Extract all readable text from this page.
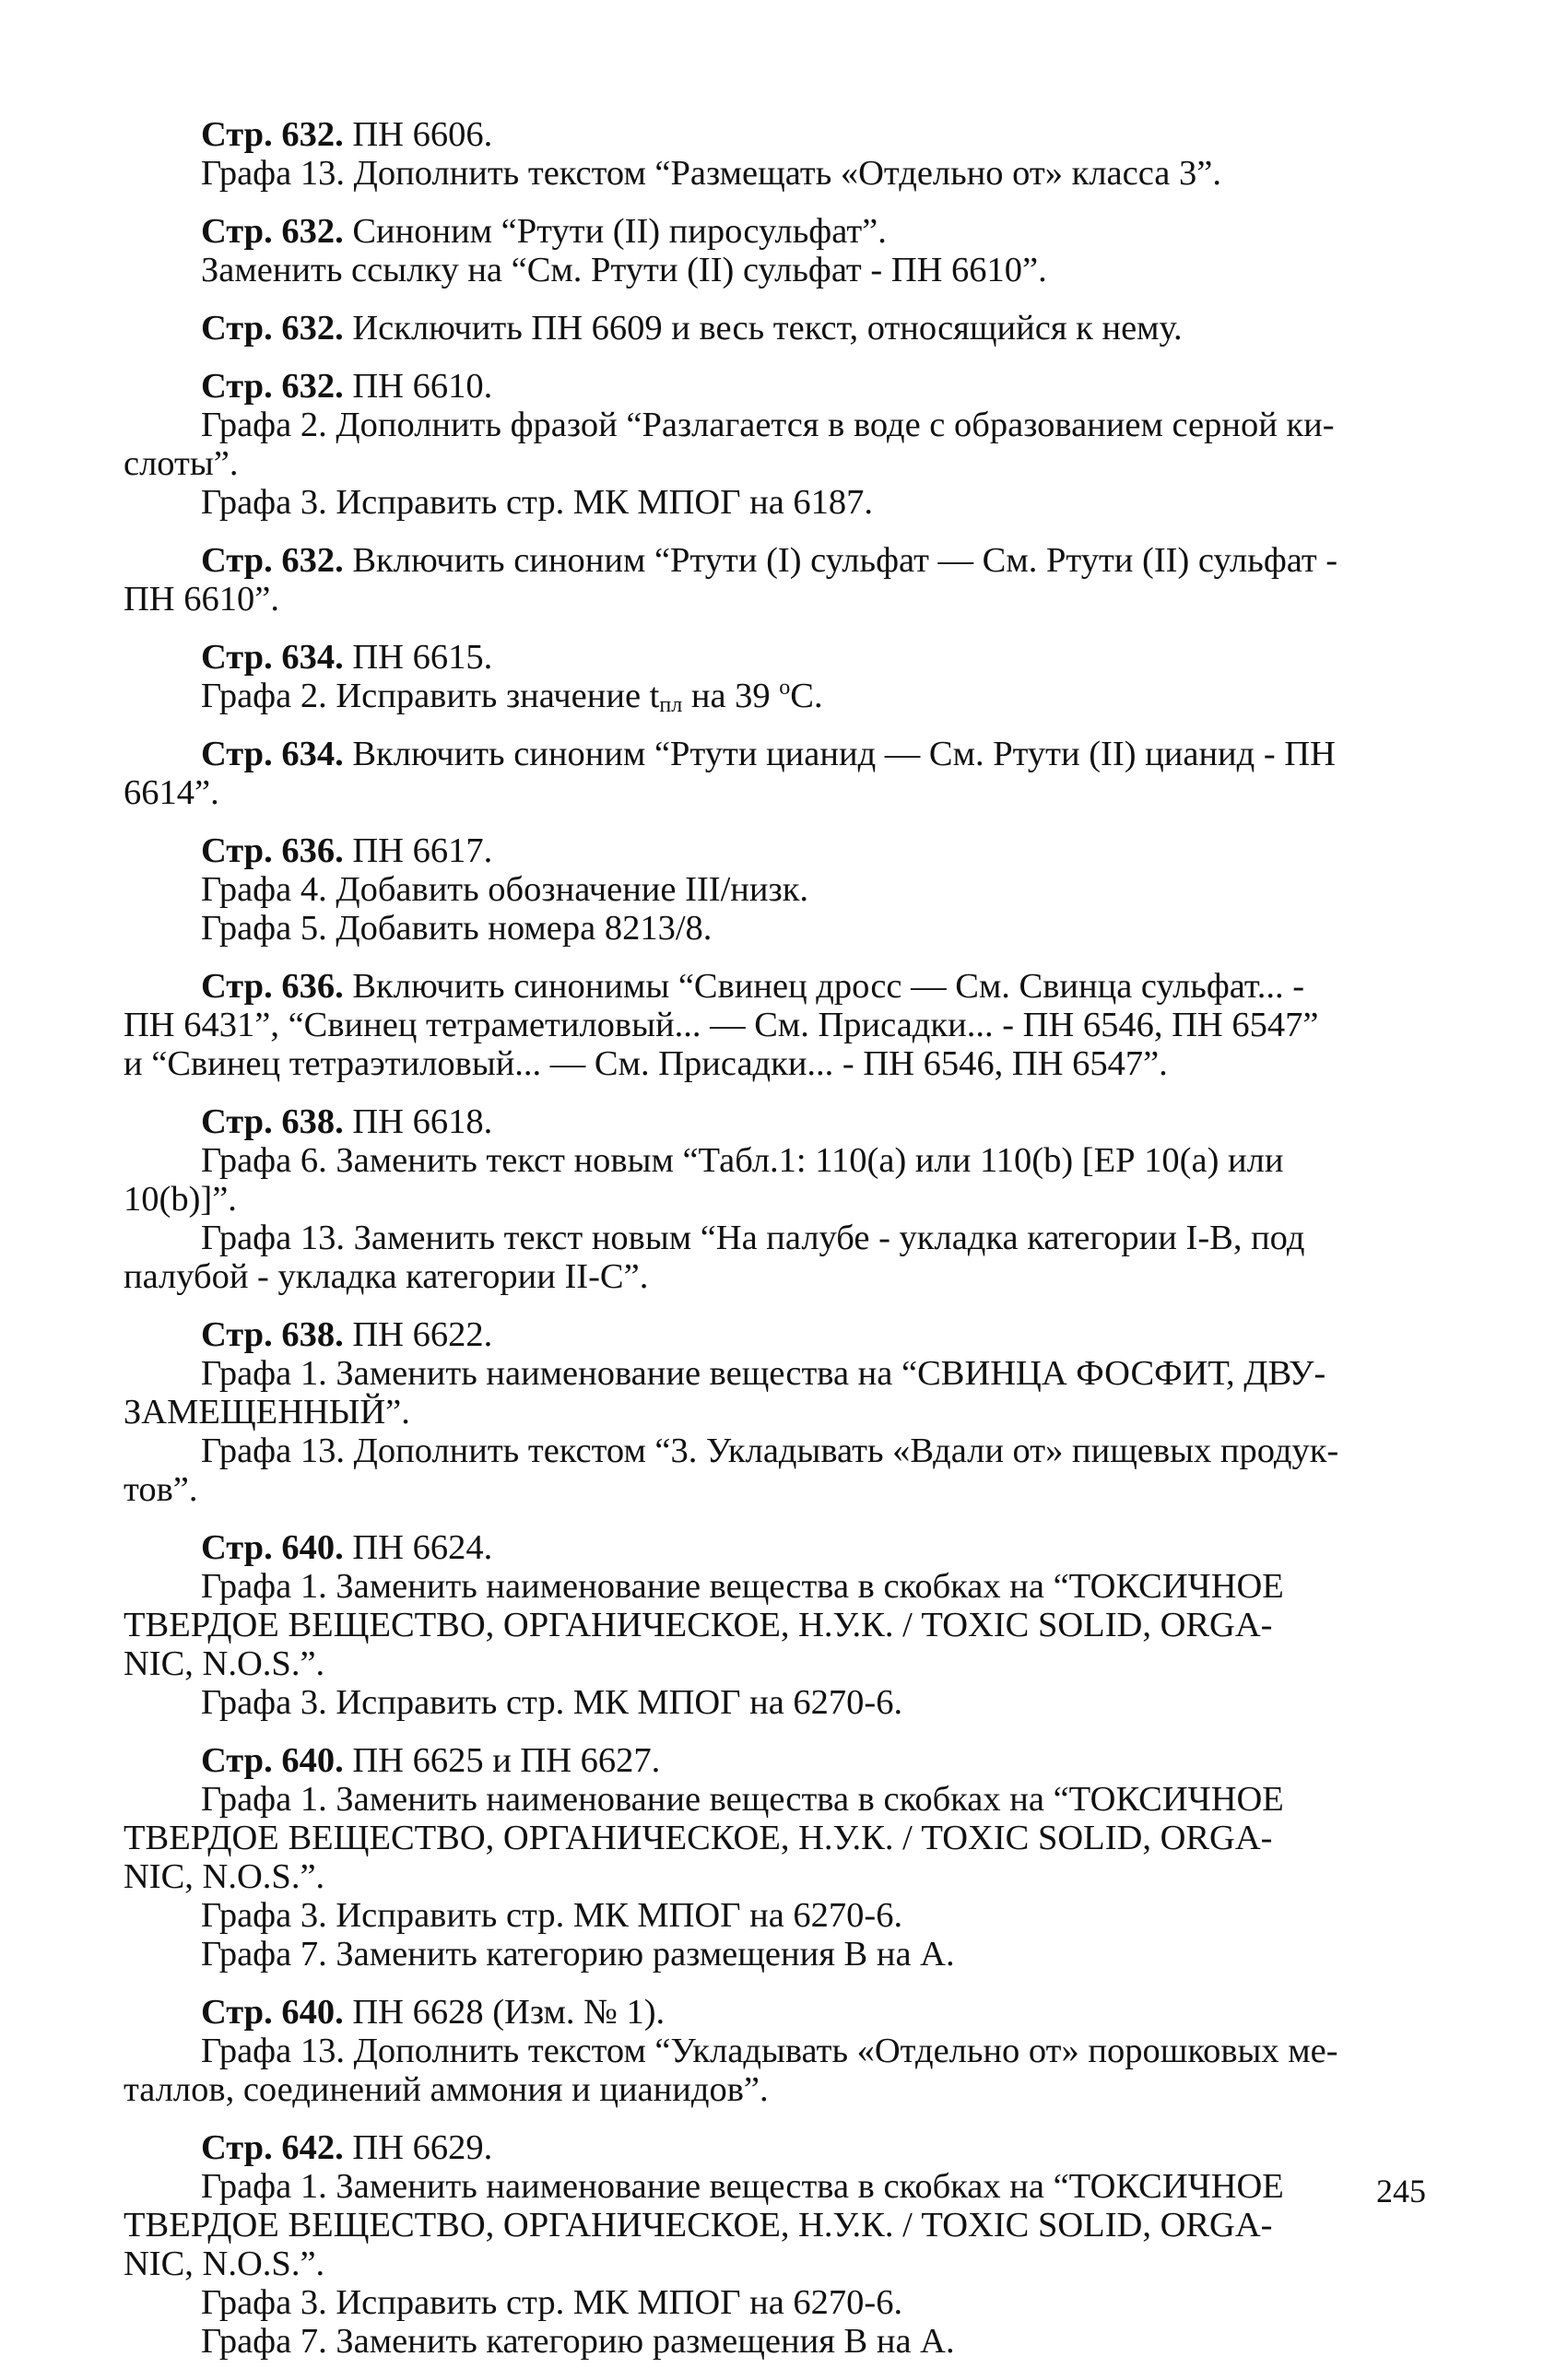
Стр. 632. ПН 6606.
Графа 13. Дополнить текстом “Размещать «Отдельно от» класса 3”.
Стр. 632. Синоним “Ртути (II) пиросульфат”.
Заменить ссылку на “См. Ртути (II) сульфат - ПН 6610”.
Стр. 632. Исключить ПН 6609 и весь текст, относящийся к нему.
Стр. 632. ПН 6610.
Графа 2. Дополнить фразой “Разлагается в воде с образованием серной ки-
слоты”.
Графа 3. Исправить стр. МК МПОГ на 6187.
Стр. 632. Включить синоним “Ртути (I) сульфат — См. Ртути (II) сульфат -
ПН 6610”.
Стр. 634. ПН 6615.
Графа 2. Исправить значение $t_{пл}$ на 39 $^о$С.
Стр. 634. Включить синоним “Ртути цианид — См. Ртути (II) цианид - ПН
6614”.
Стр. 636. ПН 6617.
Графа 4. Добавить обозначение III/низк.
Графа 5. Добавить номера 8213/8.
Стр. 636. Включить синонимы “Свинец дросс — См. Свинца сульфат... -
ПН 6431”, “Свинец тетраметиловый... — См. Присадки... - ПН 6546, ПН 6547”
и “Свинец тетраэтиловый... — См. Присадки... - ПН 6546, ПН 6547”.
Стр. 638. ПН 6618.
Графа 6. Заменить текст новым “Табл.1: 110(a) или 110(b) [ЕР 10(а) или
10(b)]”.
Графа 13. Заменить текст новым “На палубе - укладка категории I-B, под
палубой - укладка категории II-С”.
Стр. 638. ПН 6622.
Графа 1. Заменить наименование вещества на “СВИНЦА ФОСФИТ, ДВУ-
ЗАМЕЩЕННЫЙ”.
Графа 13. Дополнить текстом “3. Укладывать «Вдали от» пищевых продук-
тов”.
Стр. 640. ПН 6624.
Графа 1. Заменить наименование вещества в скобках на “ТОКСИЧНОЕ
ТВЕРДОЕ ВЕЩЕСТВО, ОРГАНИЧЕСКОЕ, Н.У.К. / TOXIC SOLID, ORGA-
NIC, N.O.S.”.
Графа 3. Исправить стр. МК МПОГ на 6270-6.
Стр. 640. ПН 6625 и ПН 6627.
Графа 1. Заменить наименование вещества в скобках на “ТОКСИЧНОЕ
ТВЕРДОЕ ВЕЩЕСТВО, ОРГАНИЧЕСКОЕ, Н.У.К. / TOXIC SOLID, ORGA-
NIC, N.O.S.”.
Графа 3. Исправить стр. МК МПОГ на 6270-6.
Графа 7. Заменить категорию размещения В на А.
Стр. 640. ПН 6628 (Изм. № 1).
Графа 13. Дополнить текстом “Укладывать «Отдельно от» порошковых ме-
таллов, соединений аммония и цианидов”.
Стр. 642. ПН 6629.
Графа 1. Заменить наименование вещества в скобках на “ТОКСИЧНОЕ
ТВЕРДОЕ ВЕЩЕСТВО, ОРГАНИЧЕСКОЕ, Н.У.К. / TOXIC SOLID, ORGA-
NIC, N.O.S.”.
Графа 3. Исправить стр. МК МПОГ на 6270-6.
Графа 7. Заменить категорию размещения В на А.
245
